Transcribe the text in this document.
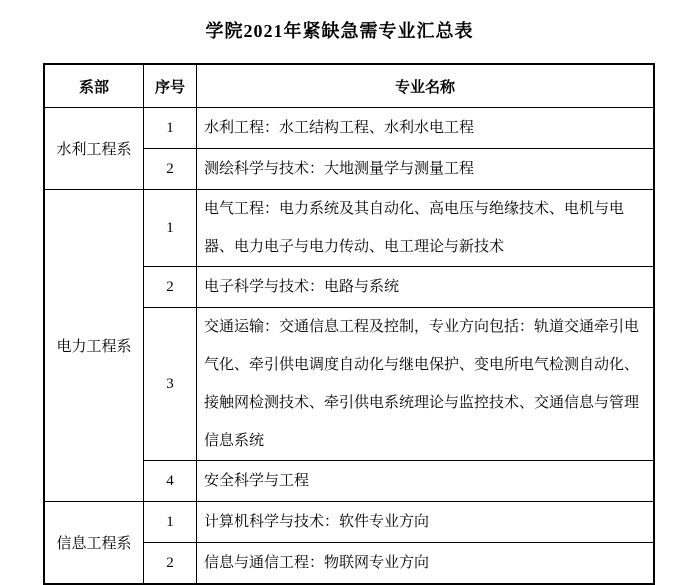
学院2021年紧缺急需专业汇总表
系部	序号	专业名称
水利工程系	1	水利工程：水工结构工程、水利水电工程
	2	测绘科学与技术：大地测量学与测量工程
电力工程系	1	电气工程：电力系统及其自动化、高电压与绝缘技术、电机与电器、电力电子与电力传动、电工理论与新技术
	2	电子科学与技术：电路与系统
	3	交通运输：交通信息工程及控制，专业方向包括：轨道交通牵引电气化、牵引供电调度自动化与继电保护、变电所电气检测自动化、接触网检测技术、牵引供电系统理论与监控技术、交通信息与管理信息系统
	4	安全科学与工程
信息工程系	1	计算机科学与技术：软件专业方向
	2	信息与通信工程：物联网专业方向
